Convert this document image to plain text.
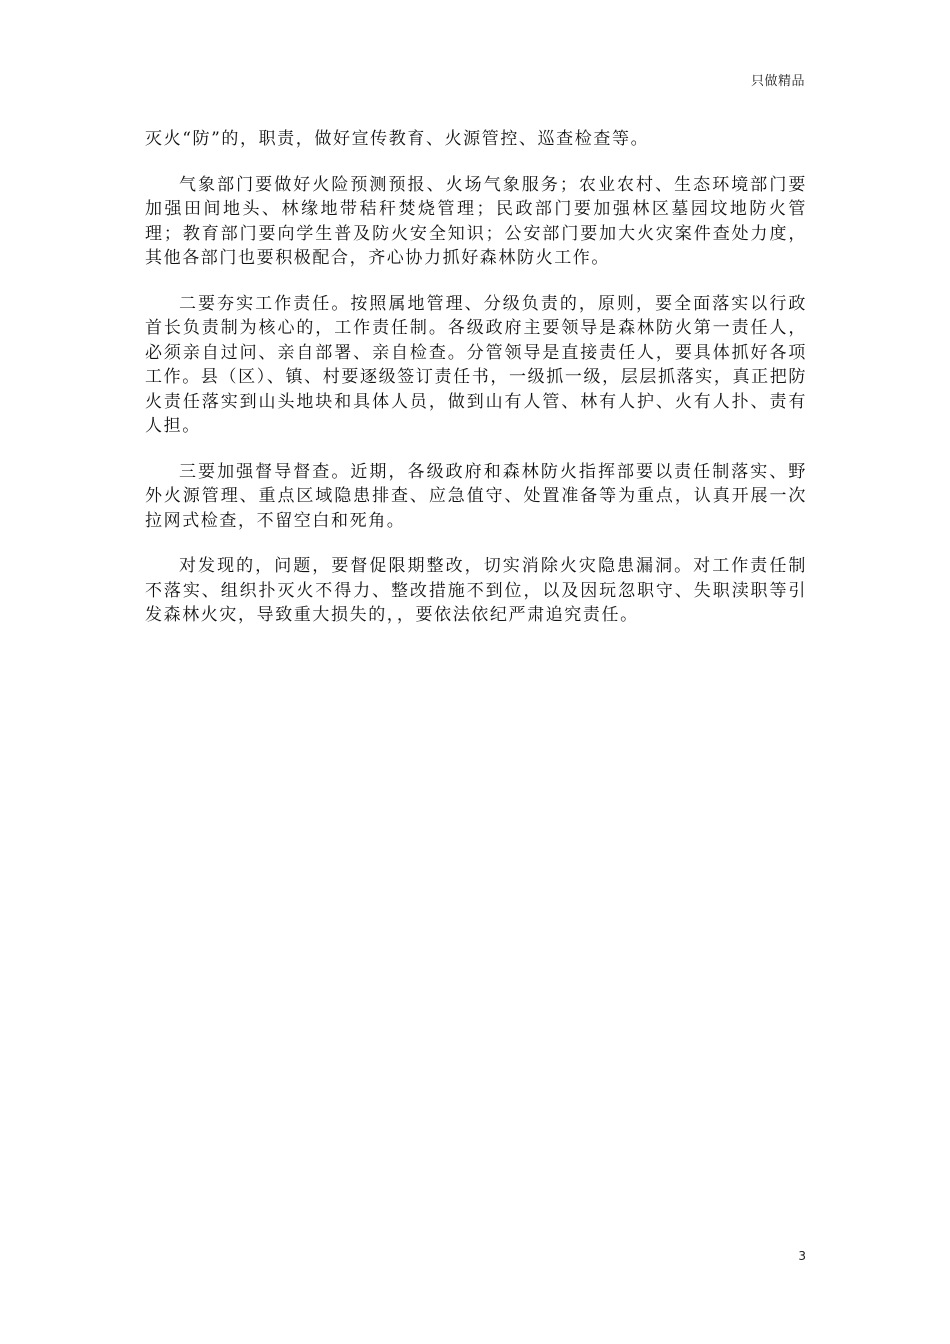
只做精品

灭火“防”的，职责，做好宣传教育、火源管控、巡查检查等。

气象部门要做好火险预测预报、火场气象服务；农业农村、生态环境部门要加强田间地头、林缘地带秸秆焚烧管理；民政部门要加强林区墓园坟地防火管理；教育部门要向学生普及防火安全知识；公安部门要加大火灾案件查处力度，其他各部门也要积极配合，齐心协力抓好森林防火工作。

二要夯实工作责任。按照属地管理、分级负责的，原则，要全面落实以行政首长负责制为核心的，工作责任制。各级政府主要领导是森林防火第一责任人，必须亲自过问、亲自部署、亲自检查。分管领导是直接责任人，要具体抓好各项工作。县（区）、镇、村要逐级签订责任书，一级抓一级，层层抓落实，真正把防火责任落实到山头地块和具体人员，做到山有人管、林有人护、火有人扑、责有人担。

三要加强督导督查。近期，各级政府和森林防火指挥部要以责任制落实、野外火源管理、重点区域隐患排查、应急值守、处置准备等为重点，认真开展一次拉网式检查，不留空白和死角。

对发现的，问题，要督促限期整改，切实消除火灾隐患漏洞。对工作责任制不落实、组织扑灭火不得力、整改措施不到位，以及因玩忽职守、失职渎职等引发森林火灾，导致重大损失的，，要依法依纪严肃追究责任。

3
